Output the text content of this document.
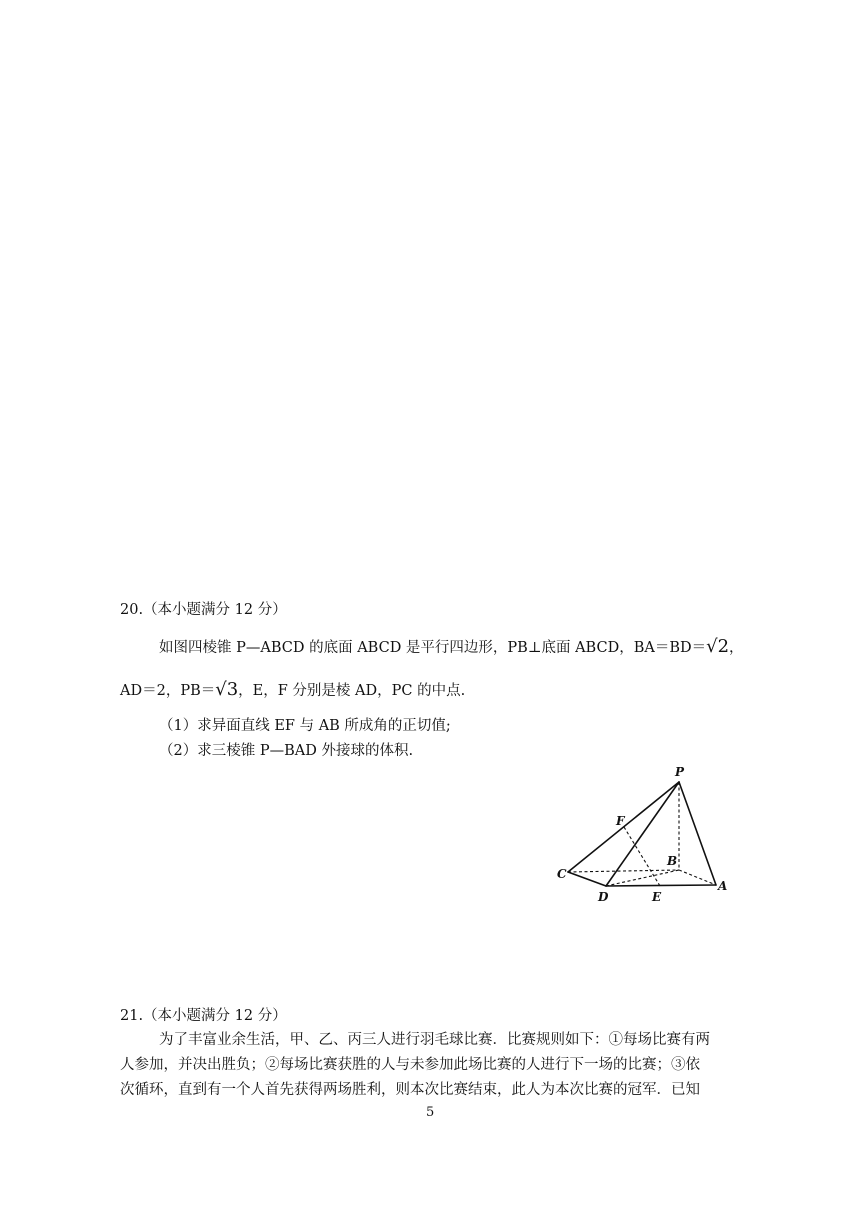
20.（本小题满分 12 分）
如图四棱锥 P—ABCD 的底面 ABCD 是平行四边形，PB⊥底面 ABCD，BA＝BD＝√2，
AD＝2，PB＝√3，E，F 分别是棱 AD，PC 的中点.
（1）求异面直线 EF 与 AB 所成角的正切值;
（2）求三棱锥 P—BAD 外接球的体积.
P
F
B
C
D	E
A
21.（本小题满分 12 分）
为了丰富业余生活，甲、乙、丙三人进行羽毛球比赛．比赛规则如下：①每场比赛有两
人参加，并决出胜负；②每场比赛获胜的人与未参加此场比赛的人进行下一场的比赛；③依
次循环，直到有一个人首先获得两场胜利，则本次比赛结束，此人为本次比赛的冠军．已知
5
